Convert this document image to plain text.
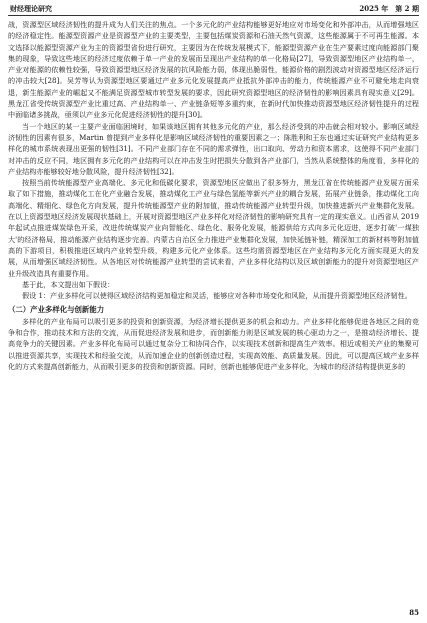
财经理论研究	2025 年　第 2 期

战，资源型区域经济韧性的提升成为人们关注的焦点。一个多元化的产业结构能够更好地应对市场变化和外部冲击，从而增强地区的经济稳定性。能源型资源产业是资源型产业的主要类型，主要包括煤炭资源和石油天然气资源，这些能源属于不可再生能源。本文选择以能源型资源产业为主的资源型省份进行研究，主要因为在传统发展模式下，能源型资源产业在生产要素过度向能源部门聚集的现象，导致这些地区的经济过度依赖于单一产业的发展而呈现出产业结构的单一化格局[27]，导致资源型地区产业结构单一，产业对能源的依赖性较强，导致资源型地区经济发展的抗风险能力弱，体现出脆弱性，能源价格的剧烈波动对资源型地区经济运行的冲击较大[28]。吴芳等认为资源型地区要通过产业多元化发展提高产业抵抗外部冲击的能力，传统能源产业不可避免地走向衰退，新生能源产业的崛起又不能满足资源型城市转型发展的要求，因此研究资源型地区的经济韧性的影响因素具有现实意义[29]。黑龙江省受传统资源型产业比重过高、产业结构单一、产业链条短等多重约束，在新时代加快推动资源型地区经济韧性提升的过程中面临诸多挑战，亟须以产业多元化促进经济韧性的提升[30]。

当一个地区的某一主要产业面临困境时，如果该地区拥有其他多元化的产业，那么经济受到的冲击就会相对较小。影响区域经济韧性的因素有很多，Martin 曾提到产业多样化是影响区域经济韧性的重要因素之一；陈胜利和王东也通过实证研究产业结构更多样化的城市系统表现出更强的韧性[31]。不同产业部门存在不同的需求弹性，出口取向、劳动力和资本需求，这使得不同产业部门对冲击的反应不同，地区拥有多元化的产业结构可以在冲击发生时把损失分散到各产业部门，当然从系统整体的角度看，多样化的产业结构亦能够较好地分散风险，提升经济韧性[32]。

按照当前传统能源型产业高端化、多元化和低碳化要求，资源型地区应做出了很多努力，黑龙江省在传统能源产业发展方面采取了如下措施，推动煤化工在化产业融合发展，推动煤化工产业与绿色氢能等新兴产业的耦合发展，拓展产业链条，推动煤化工向高端化、精细化、绿色化方向发展，提升传统能源型产业的附加值，推动传统能源产业转型升级，加快推进新兴产业集群化发展。在以上资源型地区经济发展现状基础上，开展对资源型地区产业多样化对经济韧性的影响研究具有一定的现实意义。山西省从 2019 年起试点推进煤炭绿色开采，改进传统煤炭产业向智能化、绿色化、服务化发展，能源供给方式向多元化迈进，逐步打破'一煤独大'的经济格局，推动能源产业结构逐步完善。内蒙古自治区全力推进产业集群化发展，加快延链补链，精深加工的新材料等附加值高的下游项目，积极推进区域内产业转型升级，构建多元化产业体系。这些均需资源型地区在产业结构多元化方面实现更大的发展，从而增强区域经济韧性。从各地区对传统能源产业转型的尝试来看，产业多样化结构以及区域创新能力的提升对资源型地区产业升级改造具有重要作用。

基于此，本文提出如下假设：

假设 1：产业多样化可以使得区域经济结构更加稳定和灵活，能够应对各种市场变化和风险，从而提升资源型地区经济韧性。

（二）产业多样化与创新能力

多样化的产业布局可以吸引更多的投资和创新资源，为经济增长提供更多的机会和动力。产业多样化能够促进各地区之间的竞争和合作，推动技术和方法的交流，从而促进经济发展和进步，而创新能力则是区域发展的核心驱动力之一，是推动经济增长、提高竞争力的关键因素。产业多样化布局可以通过复杂分工和协同合作，以实现技术创新和提高生产效率。相近或相关产业的集聚可以推进资源共享，实现技术和经验交流，从而加速企业的创新创造过程，实现高效能、高质量发展。因此，可以提高区域产业多样化的方式来提高创新能力，从而吸引更多的投资和创新资源。同时，创新也能够促进产业多样化，为城市的经济结构提供更多的

85
